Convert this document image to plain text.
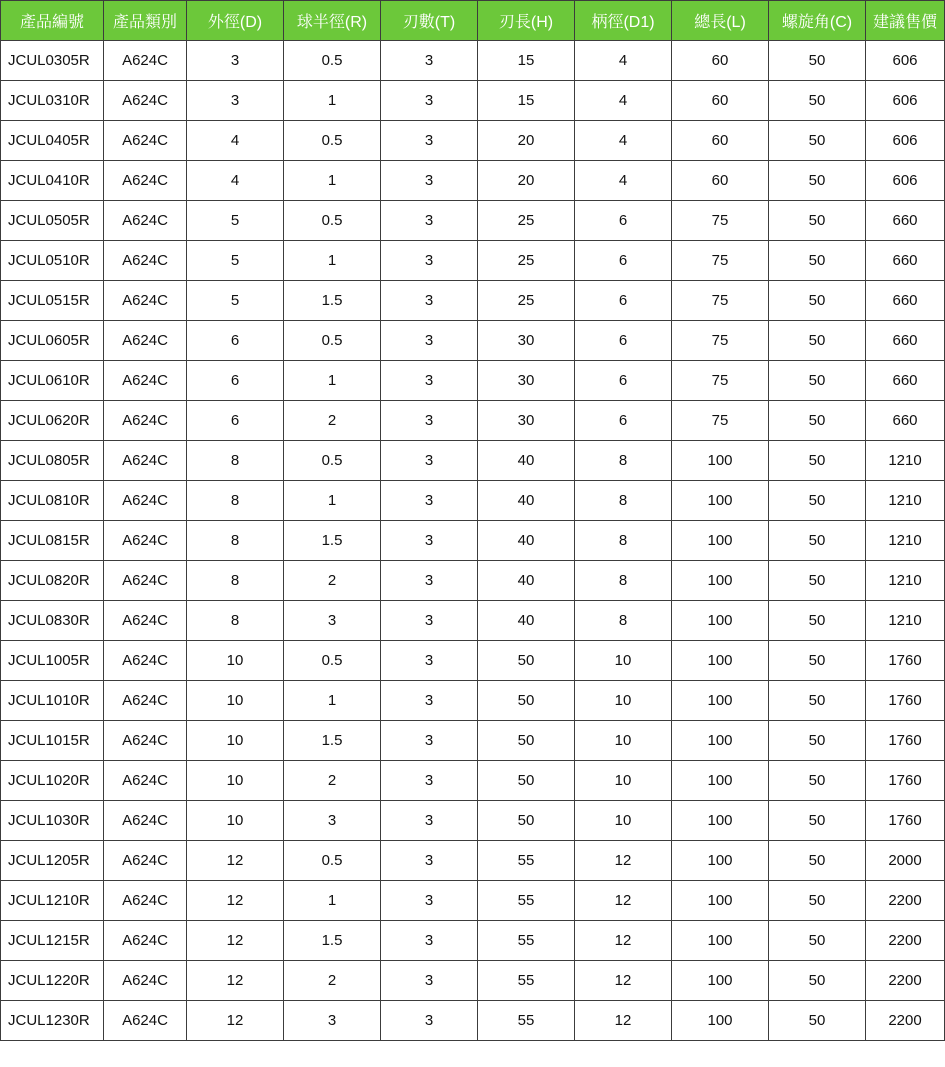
產品編號	產品類別	外徑(D)	球半徑(R)	刃數(T)	刃長(H)	柄徑(D1)	總長(L)	螺旋角(C)	建議售價
JCUL0305R	A624C	3	0.5	3	15	4	60	50	606
JCUL0310R	A624C	3	1	3	15	4	60	50	606
JCUL0405R	A624C	4	0.5	3	20	4	60	50	606
JCUL0410R	A624C	4	1	3	20	4	60	50	606
JCUL0505R	A624C	5	0.5	3	25	6	75	50	660
JCUL0510R	A624C	5	1	3	25	6	75	50	660
JCUL0515R	A624C	5	1.5	3	25	6	75	50	660
JCUL0605R	A624C	6	0.5	3	30	6	75	50	660
JCUL0610R	A624C	6	1	3	30	6	75	50	660
JCUL0620R	A624C	6	2	3	30	6	75	50	660
JCUL0805R	A624C	8	0.5	3	40	8	100	50	1210
JCUL0810R	A624C	8	1	3	40	8	100	50	1210
JCUL0815R	A624C	8	1.5	3	40	8	100	50	1210
JCUL0820R	A624C	8	2	3	40	8	100	50	1210
JCUL0830R	A624C	8	3	3	40	8	100	50	1210
JCUL1005R	A624C	10	0.5	3	50	10	100	50	1760
JCUL1010R	A624C	10	1	3	50	10	100	50	1760
JCUL1015R	A624C	10	1.5	3	50	10	100	50	1760
JCUL1020R	A624C	10	2	3	50	10	100	50	1760
JCUL1030R	A624C	10	3	3	50	10	100	50	1760
JCUL1205R	A624C	12	0.5	3	55	12	100	50	2000
JCUL1210R	A624C	12	1	3	55	12	100	50	2200
JCUL1215R	A624C	12	1.5	3	55	12	100	50	2200
JCUL1220R	A624C	12	2	3	55	12	100	50	2200
JCUL1230R	A624C	12	3	3	55	12	100	50	2200
